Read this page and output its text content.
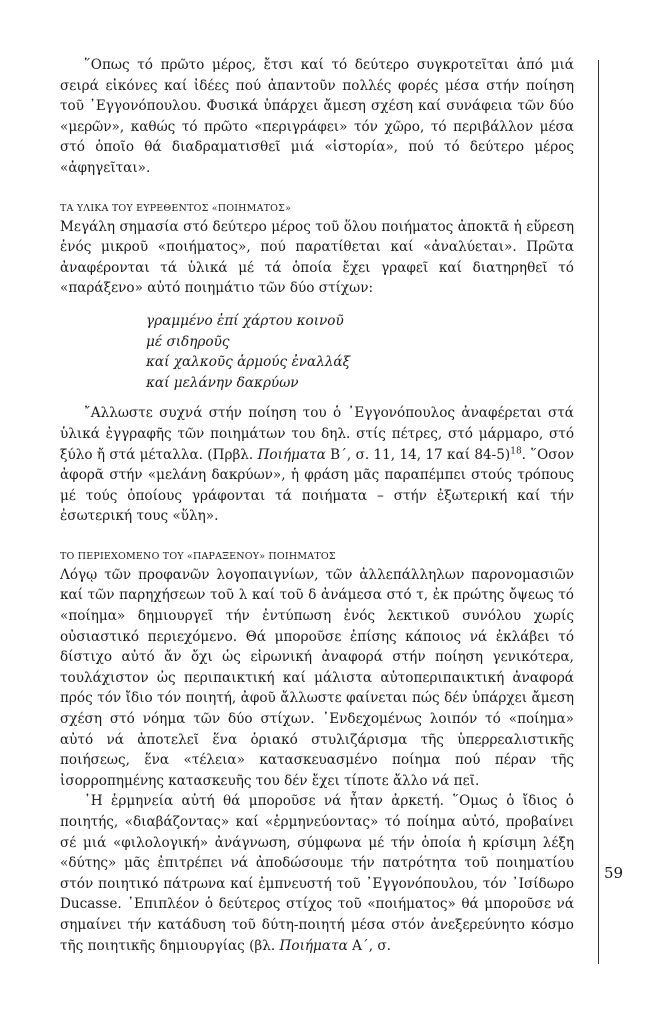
῞Οπως τό πρῶτο μέρος, ἔτσι καί τό δεύτερο συγκροτεῖται ἀπό μιά σειρά εἰκόνες καί ἰδέες πού ἀπαντοῦν πολλές φορές μέσα στήν ποίηση τοῦ ᾽Εγγονόπουλου. Φυσικά ὑπάρχει ἄμεση σχέση καί συνάφεια τῶν δύο «μερῶν», καθώς τό πρῶτο «περιγράφει» τόν χῶρο, τό περιβάλλον μέσα στό ὁποῖο θά διαδραματισθεῖ μιά «ἱστορία», πού τό δεύτερο μέρος «ἀφηγεῖται».

ΤΑ ΥΛΙΚΑ ΤΟΥ ΕΥΡΕΘΕΝΤΟΣ «ΠΟΙΗΜΑΤΟΣ»

Μεγάλη σημασία στό δεύτερο μέρος τοῦ ὅλου ποιήματος ἀποκτᾶ ἡ εὕρεση ἑνός μικροῦ «ποιήματος», πού παρατίθεται καί «ἀναλύεται». Πρῶτα ἀναφέρονται τά ὑλικά μέ τά ὁποία ἔχει γραφεῖ καί διατηρηθεῖ τό «παράξενο» αὐτό ποιημάτιο τῶν δύο στίχων:

γραμμένο ἐπί χάρτου κοινοῦ
μέ σιδηροῦς
καί χαλκοῦς ἁρμούς ἐναλλάξ
καί μελάνην δακρύων

῎Αλλωστε συχνά στήν ποίηση του ὁ ᾽Εγγονόπουλος ἀναφέρεται στά ὑλικά ἐγγραφῆς τῶν ποιημάτων του δηλ. στίς πέτρες, στό μάρμαρο, στό ξύλο ἤ στά μέταλλα. (Πρβλ. Ποιήματα Β΄, σ. 11, 14, 17 καί 84-5)$^{18}$. ῞Οσον ἀφορᾶ στήν «μελάνη δακρύων», ἡ φράση μᾶς παραπέμπει στούς τρόπους μέ τούς ὁποίους γράφονται τά ποιήματα – στήν ἐξωτερική καί τήν ἐσωτερική τους «ὕλη».

ΤΟ ΠΕΡΙΕΧΟΜΕΝΟ ΤΟΥ «ΠΑΡΑΞΕΝΟΥ» ΠΟΙΗΜΑΤΟΣ

Λόγῳ τῶν προφανῶν λογοπαιγνίων, τῶν ἀλλεπάλληλων παρονομασιῶν καί τῶν παρηχήσεων τοῦ λ καί τοῦ δ ἀνάμεσα στό τ, ἐκ πρώτης ὄψεως τό «ποίημα» δημιουργεῖ τήν ἐντύπωση ἑνός λεκτικοῦ συνόλου χωρίς οὐσιαστικό περιεχόμενο. Θά μποροῦσε ἐπίσης κάποιος νά ἐκλάβει τό δίστιχο αὐτό ἄν ὄχι ὡς εἰρωνική ἀναφορά στήν ποίηση γενικότερα, τουλάχιστον ὡς περιπαικτική καί μάλιστα αὐτοπεριπαικτική ἀναφορά πρός τόν ἴδιο τόν ποιητή, ἀφοῦ ἄλλωστε φαίνεται πώς δέν ὑπάρχει ἄμεση σχέση στό νόημα τῶν δύο στίχων. ᾽Ενδεχομένως λοιπόν τό «ποίημα» αὐτό νά ἀποτελεῖ ἕνα ὁριακό στυλιζάρισμα τῆς ὑπερρεαλιστικῆς ποιήσεως, ἕνα «τέλεια» κατασκευασμένο ποίημα πού πέραν τῆς ἰσορροπημένης κατασκευῆς του δέν ἔχει τίποτε ἄλλο νά πεῖ.

῾Η ἑρμηνεία αὐτή θά μποροῦσε νά ἦταν ἀρκετή. ῞Ομως ὁ ἴδιος ὁ ποιητής, «διαβάζοντας» καί «ἑρμηνεύοντας» τό ποίημα αὐτό, προβαίνει σέ μιά «φιλολογική» ἀνάγνωση, σύμφωνα μέ τήν ὁποία ἡ κρίσιμη λέξη «δύτης» μᾶς ἐπιτρέπει νά ἀποδώσουμε τήν πατρότητα τοῦ ποιηματίου στόν ποιητικό πάτρωνα καί ἐμπνευστή τοῦ ᾽Εγγονόπουλου, τόν ᾽Ισίδωρο Ducasse. ᾽Επιπλέον ὁ δεύτερος στίχος τοῦ «ποιήματος» θά μποροῦσε νά σημαίνει τήν κατάδυση τοῦ δύτη-ποιητή μέσα στόν ἀνεξερεύνητο κόσμο τῆς ποιητικῆς δημιουργίας (βλ. Ποιήματα Α΄, σ.

59
